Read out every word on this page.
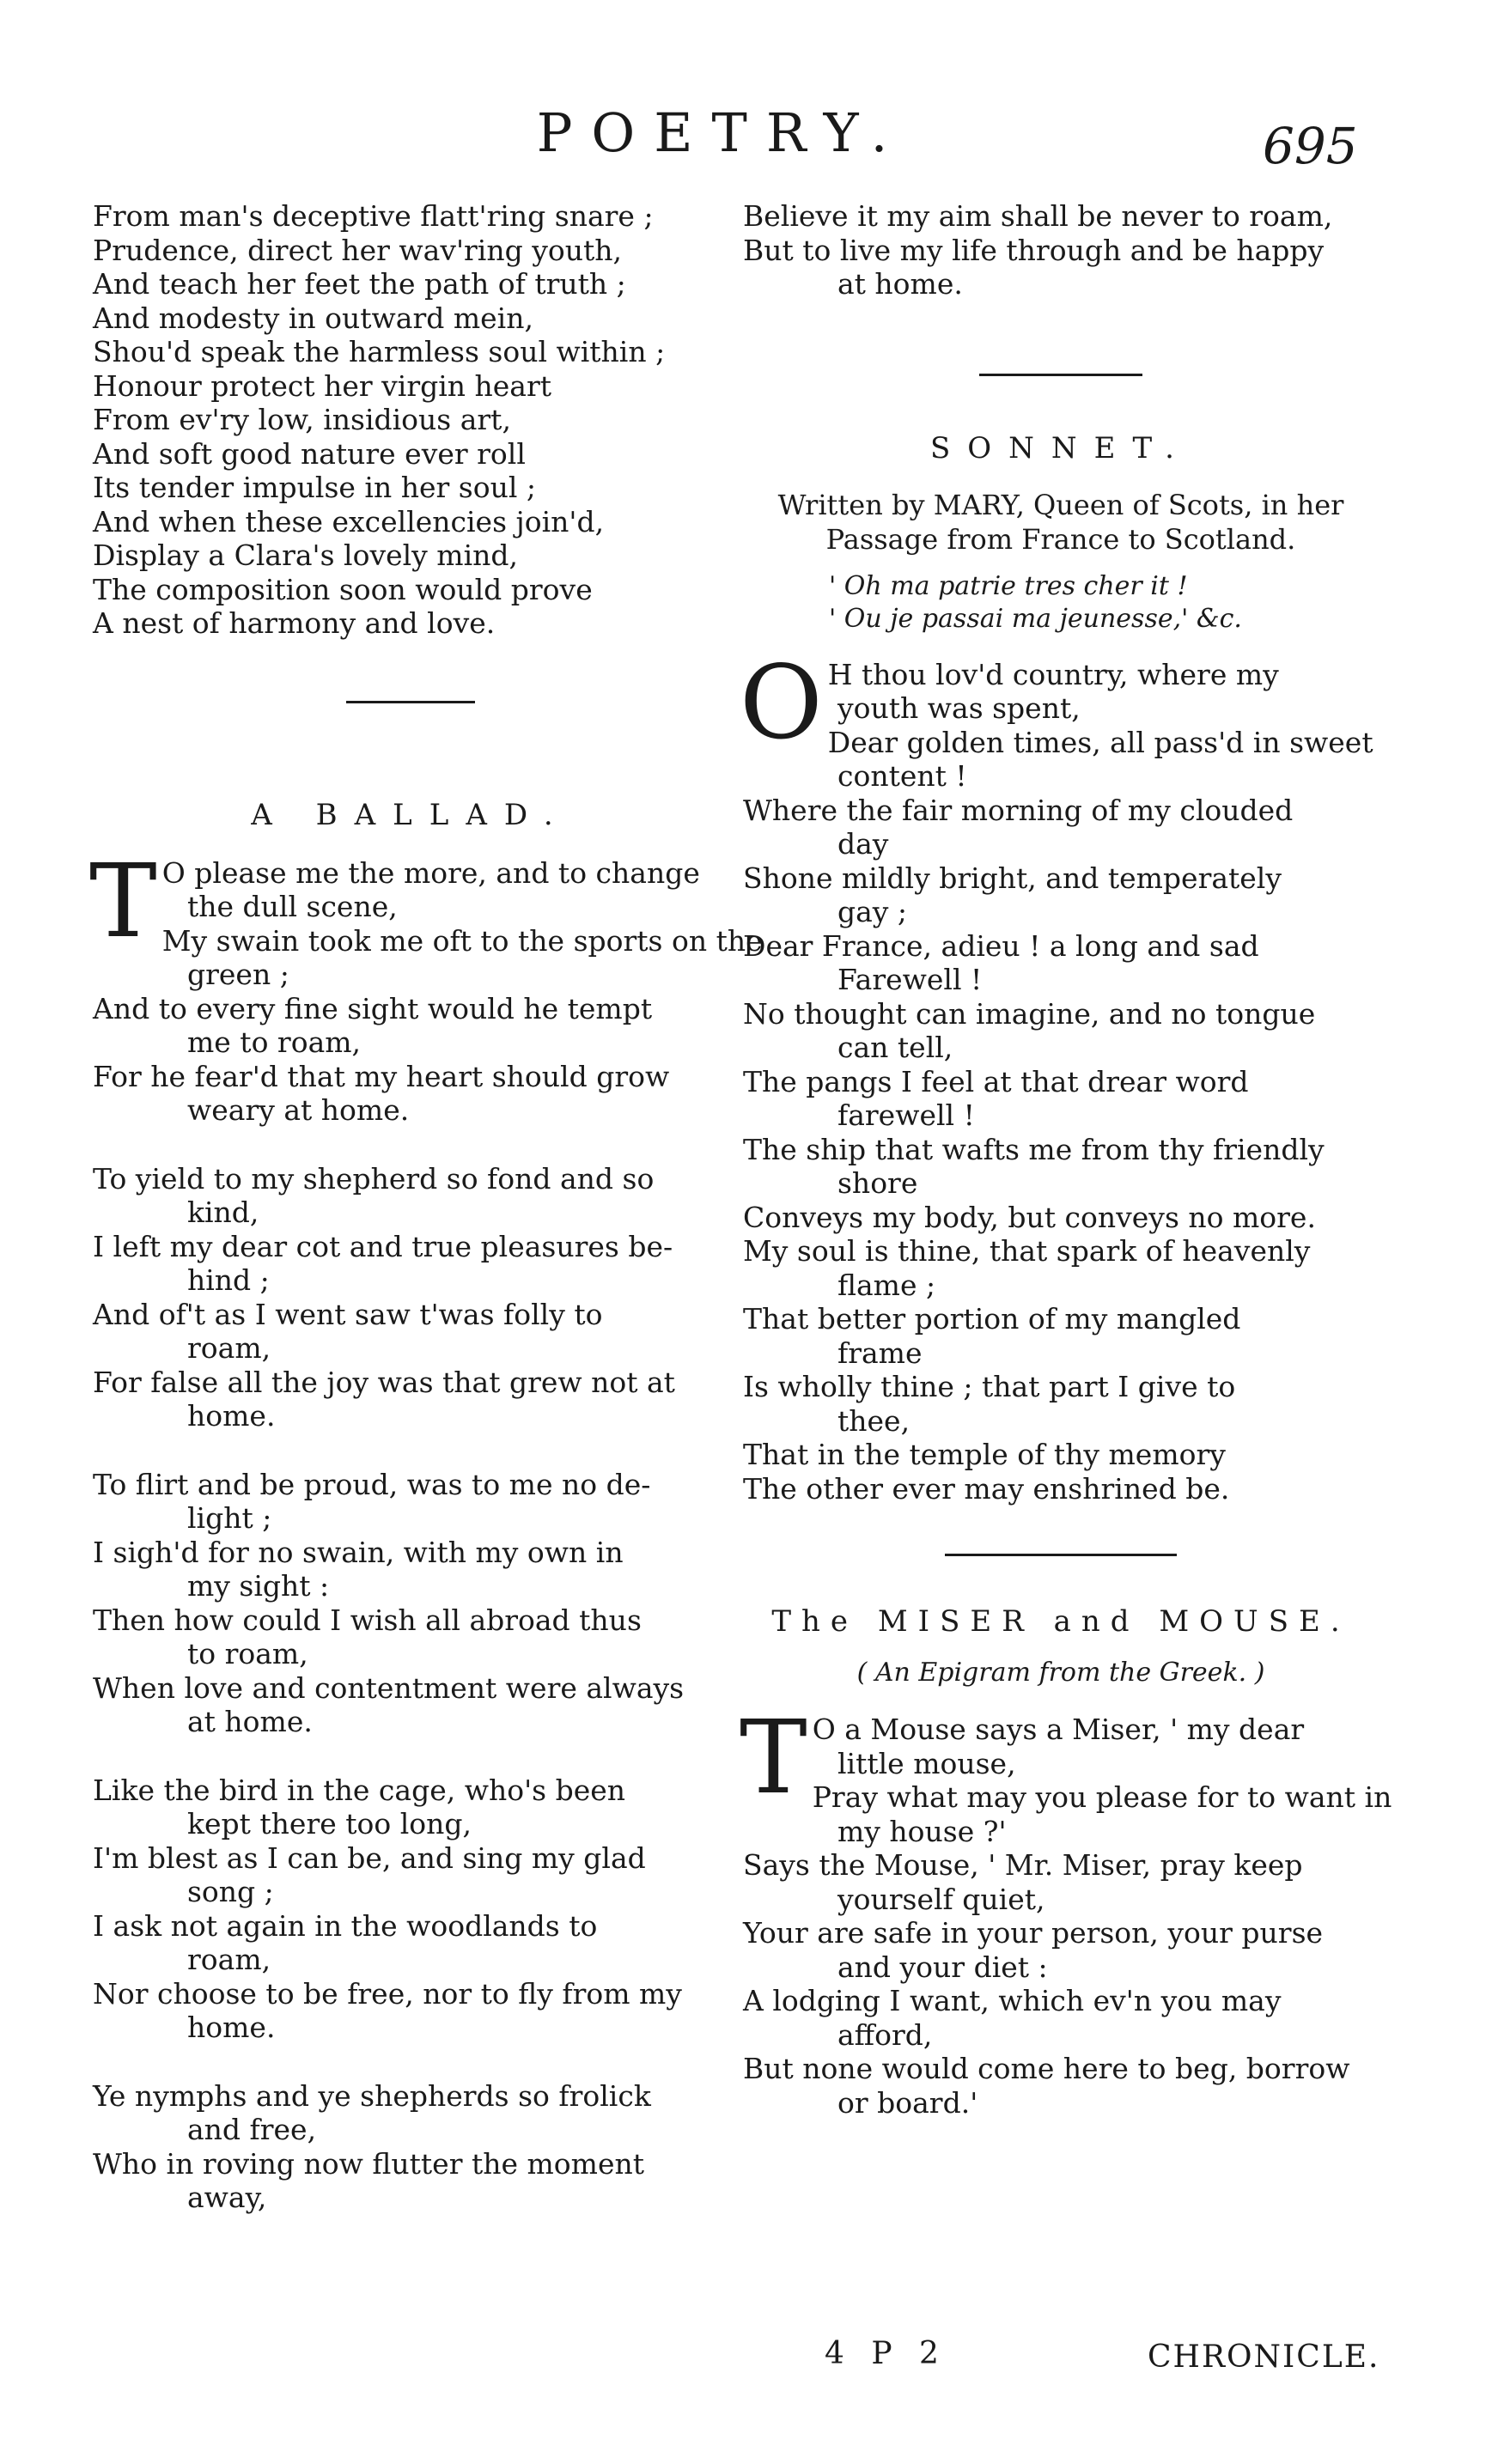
POETRY.	695
From man's deceptive flatt'ring snare ;
Prudence, direct her wav'ring youth,
And teach her feet the path of truth ;
And modesty in outward mein,
Shou'd speak the harmless soul within ;
Honour protect her virgin heart
From ev'ry low, insidious art,
And soft good nature ever roll
Its tender impulse in her soul ;
And when these excellencies join'd,
Display a Clara's lovely mind,
The composition soon would prove
A nest of harmony and love.
A BALLAD.
T O please me the more, and to change
the dull scene,
My swain took me oft to the sports on the
green ;
And to every fine sight would he tempt
me to roam,
For he fear'd that my heart should grow
weary at home.
To yield to my shepherd so fond and so
kind,
I left my dear cot and true pleasures be-
hind ;
And of't as I went saw t'was folly to
roam,
For false all the joy was that grew not at
home.
To flirt and be proud, was to me no de-
light ;
I sigh'd for no swain, with my own in
my sight :
Then how could I wish all abroad thus
to roam,
When love and contentment were always
at home.
Like the bird in the cage, who's been
kept there too long,
I'm blest as I can be, and sing my glad
song ;
I ask not again in the woodlands to
roam,
Nor choose to be free, nor to fly from my
home.
Ye nymphs and ye shepherds so frolick
and free,
Who in roving now flutter the moment
away,
Believe it my aim shall be never to roam,
But to live my life through and be happy
at home.
SONNET.
Written by MARY, Queen of Scots, in her
Passage from France to Scotland.
' Oh ma patrie tres cher it !
' Ou je passai ma jeunesse,' &c.
O H thou lov'd country, where my
youth was spent,
Dear golden times, all pass'd in sweet
content !
Where the fair morning of my clouded
day
Shone mildly bright, and temperately
gay ;
Dear France, adieu ! a long and sad
Farewell !
No thought can imagine, and no tongue
can tell,
The pangs I feel at that drear word
farewell !
The ship that wafts me from thy friendly
shore
Conveys my body, but conveys no more.
My soul is thine, that spark of heavenly
flame ;
That better portion of my mangled
frame
Is wholly thine ; that part I give to
thee,
That in the temple of thy memory
The other ever may enshrined be.
The MISER and MOUSE.
( An Epigram from the Greek. )
T O a Mouse says a Miser, ' my dear
little mouse,
Pray what may you please for to want in
my house ?'
Says the Mouse, ' Mr. Miser, pray keep
yourself quiet,
Your are safe in your person, your purse
and your diet :
A lodging I want, which ev'n you may
afford,
But none would come here to beg, borrow
or board.'
4 P 2	CHRONICLE.
